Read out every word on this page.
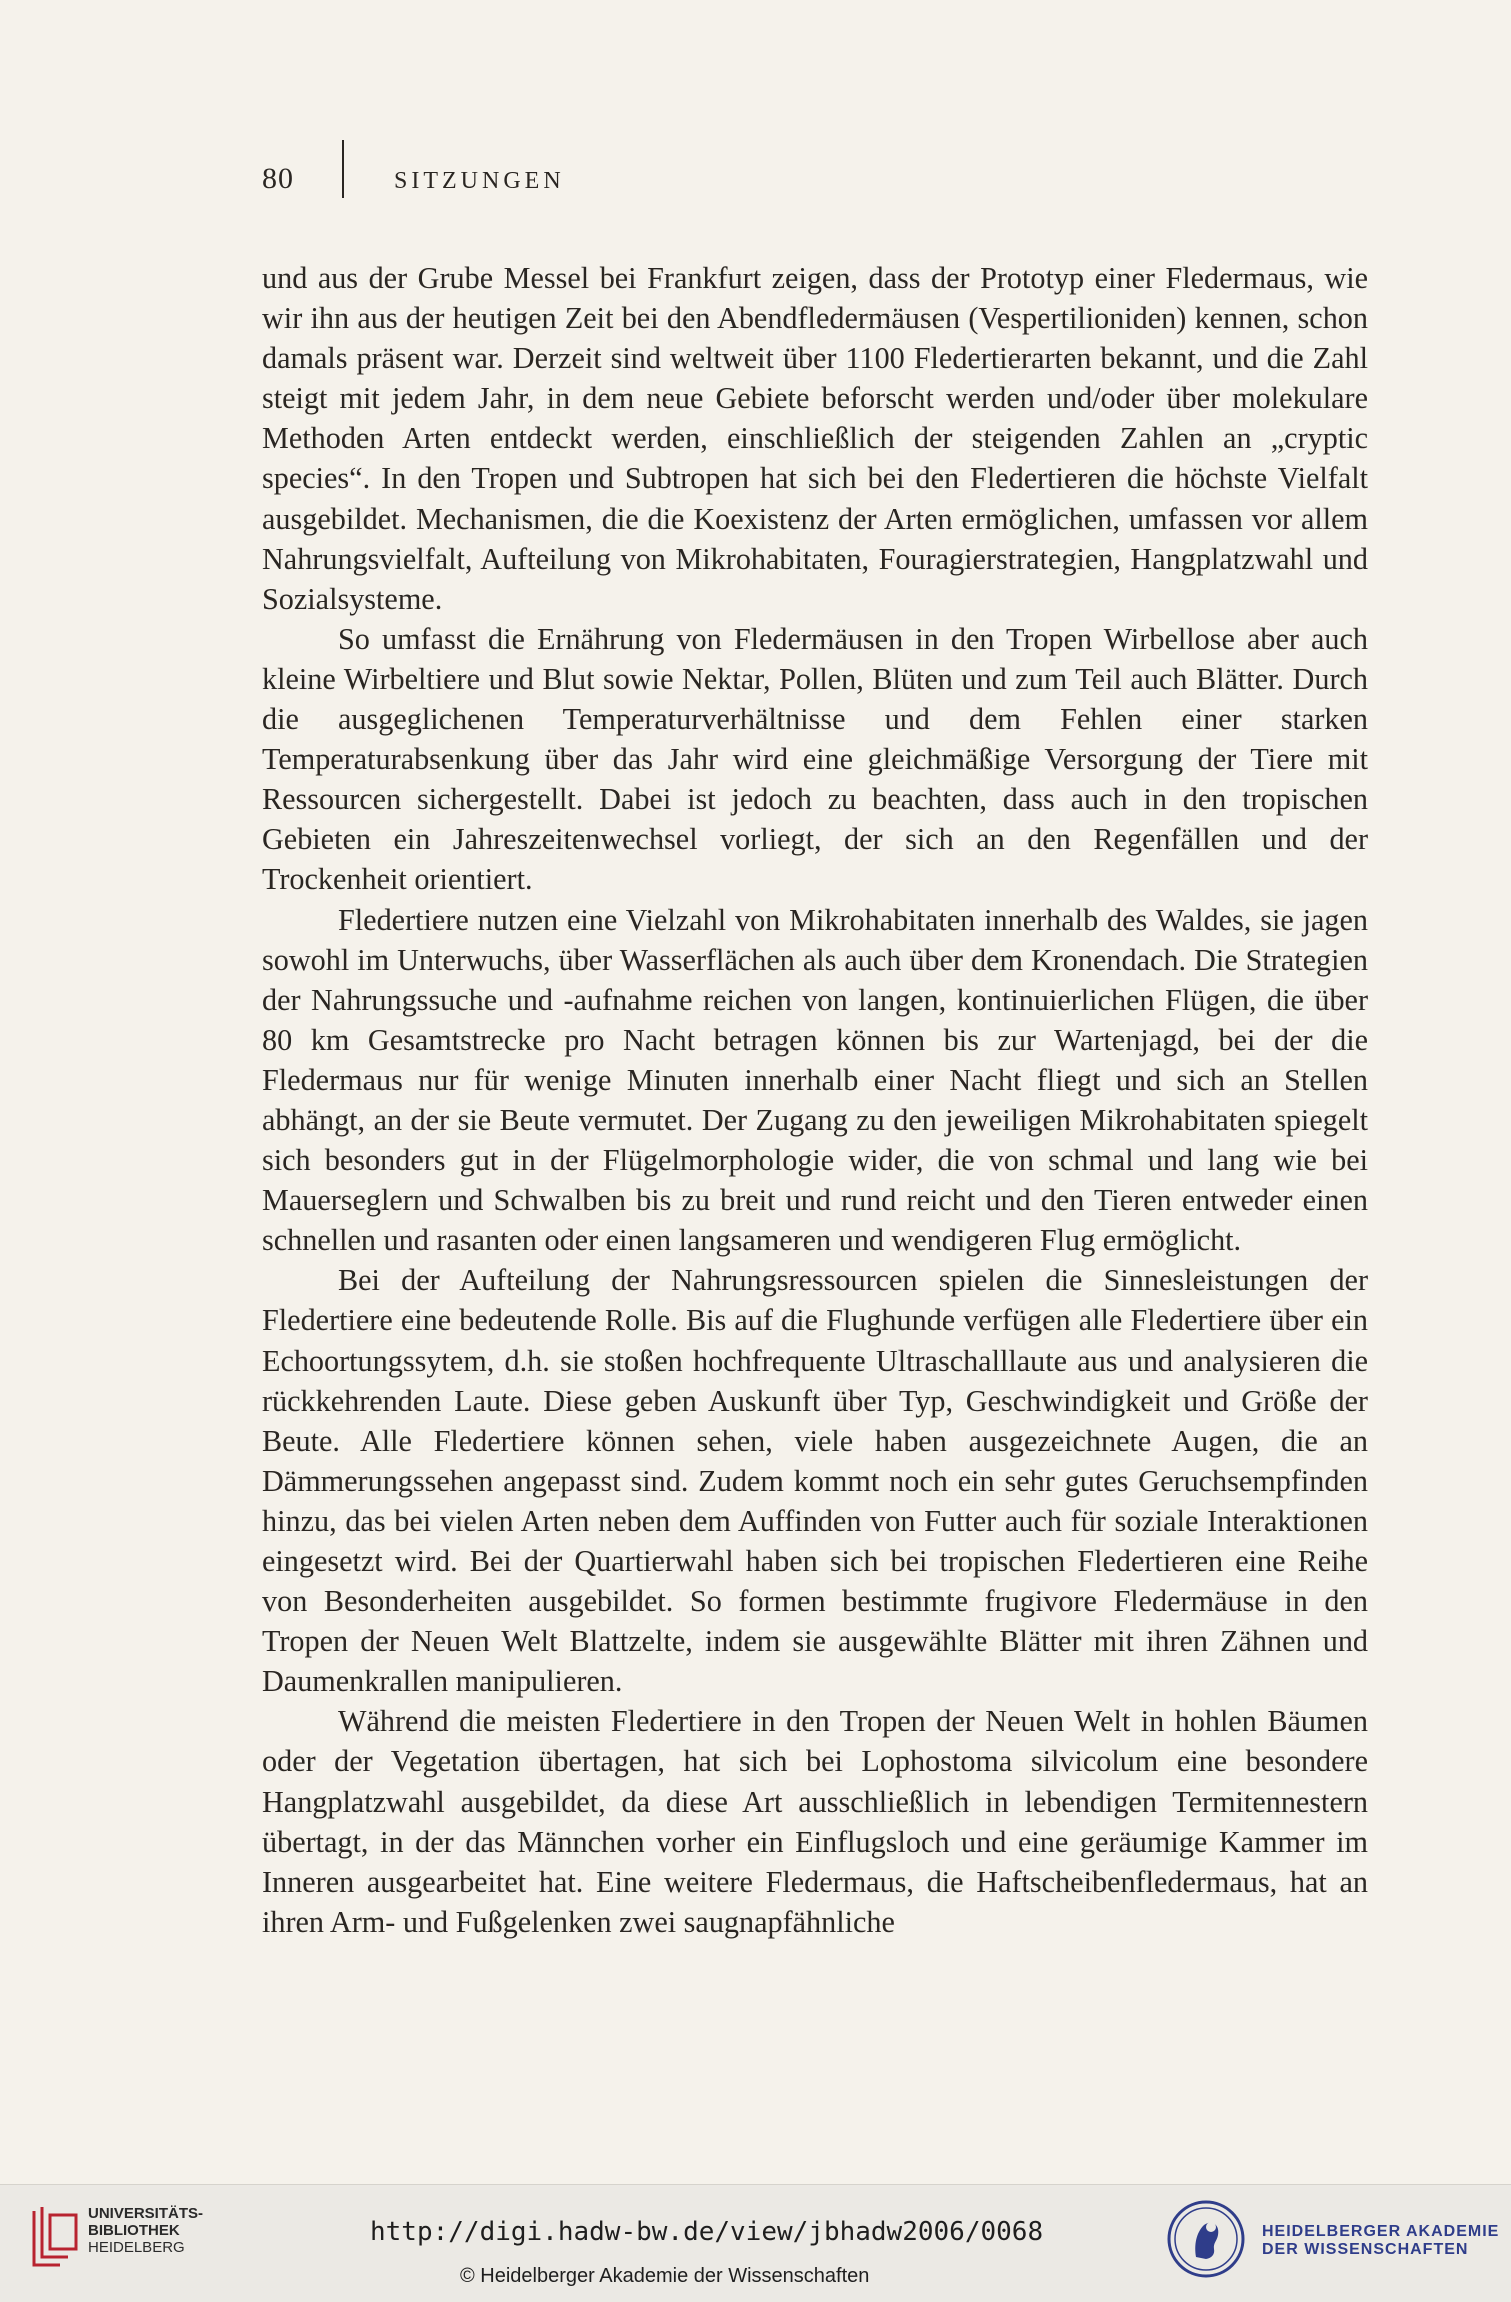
80	SITZUNGEN

und aus der Grube Messel bei Frankfurt zeigen, dass der Prototyp einer Fledermaus, wie wir ihn aus der heutigen Zeit bei den Abendfledermäusen (Vespertilioniden) kennen, schon damals präsent war. Derzeit sind weltweit über 1100 Fledertierarten bekannt, und die Zahl steigt mit jedem Jahr, in dem neue Gebiete beforscht werden und/oder über molekulare Methoden Arten entdeckt werden, einschließlich der steigenden Zahlen an „cryptic species“. In den Tropen und Subtropen hat sich bei den Fledertieren die höchste Vielfalt ausgebildet. Mechanismen, die die Koexistenz der Arten ermöglichen, umfassen vor allem Nahrungsvielfalt, Aufteilung von Mikrohabitaten, Fouragierstrategien, Hangplatzwahl und Sozialsysteme.

So umfasst die Ernährung von Fledermäusen in den Tropen Wirbellose aber auch kleine Wirbeltiere und Blut sowie Nektar, Pollen, Blüten und zum Teil auch Blätter. Durch die ausgeglichenen Temperaturverhältnisse und dem Fehlen einer starken Temperaturabsenkung über das Jahr wird eine gleichmäßige Versorgung der Tiere mit Ressourcen sichergestellt. Dabei ist jedoch zu beachten, dass auch in den tropischen Gebieten ein Jahreszeitenwechsel vorliegt, der sich an den Regenfällen und der Trockenheit orientiert.

Fledertiere nutzen eine Vielzahl von Mikrohabitaten innerhalb des Waldes, sie jagen sowohl im Unterwuchs, über Wasserflächen als auch über dem Kronendach. Die Strategien der Nahrungssuche und -aufnahme reichen von langen, kontinuierlichen Flügen, die über 80 km Gesamtstrecke pro Nacht betragen können bis zur Wartenjagd, bei der die Fledermaus nur für wenige Minuten innerhalb einer Nacht fliegt und sich an Stellen abhängt, an der sie Beute vermutet. Der Zugang zu den jeweiligen Mikrohabitaten spiegelt sich besonders gut in der Flügelmorphologie wider, die von schmal und lang wie bei Mauerseglern und Schwalben bis zu breit und rund reicht und den Tieren entweder einen schnellen und rasanten oder einen langsameren und wendigeren Flug ermöglicht.

Bei der Aufteilung der Nahrungsressourcen spielen die Sinnesleistungen der Fledertiere eine bedeutende Rolle. Bis auf die Flughunde verfügen alle Fledertiere über ein Echoortungssytem, d.h. sie stoßen hochfrequente Ultraschalllaute aus und analysieren die rückkehrenden Laute. Diese geben Auskunft über Typ, Geschwindigkeit und Größe der Beute. Alle Fledertiere können sehen, viele haben ausgezeichnete Augen, die an Dämmerungssehen angepasst sind. Zudem kommt noch ein sehr gutes Geruchsempfinden hinzu, das bei vielen Arten neben dem Auffinden von Futter auch für soziale Interaktionen eingesetzt wird. Bei der Quartierwahl haben sich bei tropischen Fledertieren eine Reihe von Besonderheiten ausgebildet. So formen bestimmte frugivore Fledermäuse in den Tropen der Neuen Welt Blattzelte, indem sie ausgewählte Blätter mit ihren Zähnen und Daumenkrallen manipulieren.

Während die meisten Fledertiere in den Tropen der Neuen Welt in hohlen Bäumen oder der Vegetation übertagen, hat sich bei Lophostoma silvicolum eine besondere Hangplatzwahl ausgebildet, da diese Art ausschließlich in lebendigen Termitennestern übertagt, in der das Männchen vorher ein Einflugsloch und eine geräumige Kammer im Inneren ausgearbeitet hat. Eine weitere Fledermaus, die Haftscheibenfledermaus, hat an ihren Arm- und Fußgelenken zwei saugnapfähnliche

UNIVERSITÄTS-
BIBLIOTHEK
HEIDELBERG
http://digi.hadw-bw.de/view/jbhadw2006/0068
© Heidelberger Akademie der Wissenschaften
HEIDELBERGER AKADEMIE
DER WISSENSCHAFTEN
